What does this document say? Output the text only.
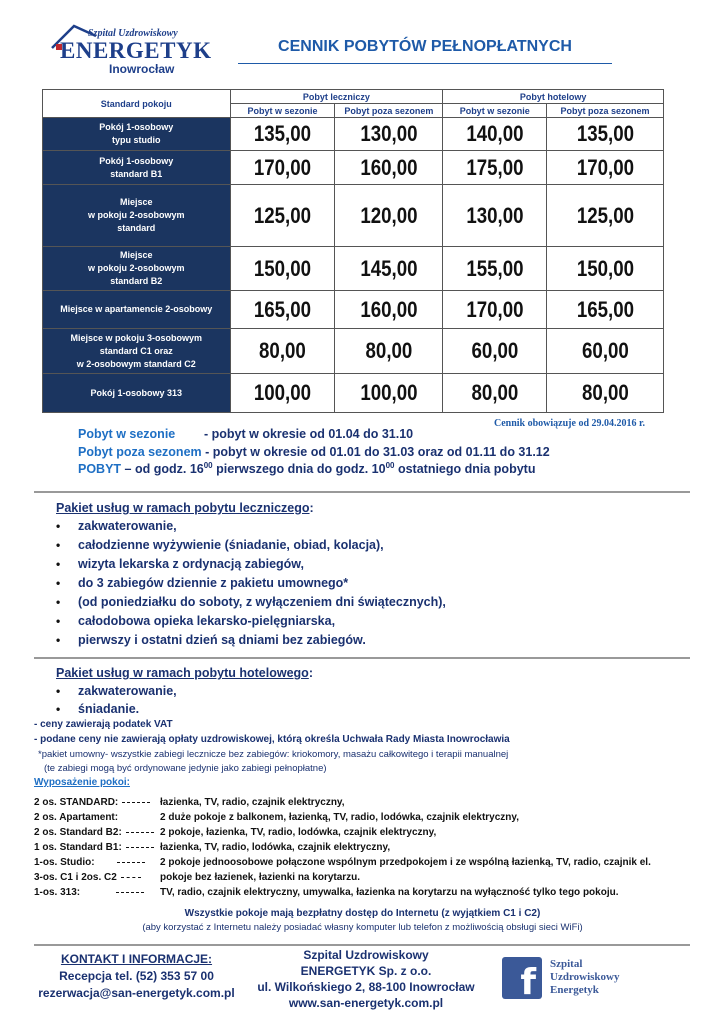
Szpital Uzdrowiskowy
ENERGETYK
Inowrocław
CENNIK POBYTÓW PEŁNOPŁATNYCH
Standard pokoju	Pobyt leczniczy		Pobyt hotelowy	
	Pobyt w sezonie	Pobyt poza sezonem	Pobyt w sezonie	Pobyt poza sezonem
Pokój 1-osobowy
typu studio	135,00	130,00	140,00	135,00
Pokój 1-osobowy
standard B1	170,00	160,00	175,00	170,00
Miejsce
w pokoju 2-osobowym
standard	125,00	120,00	130,00	125,00
Miejsce
w pokoju 2-osobowym
standard B2	150,00	145,00	155,00	150,00
Miejsce w apartamencie 2-osobowy	165,00	160,00	170,00	165,00
Miejsce w pokoju 3-osobowym
standard C1 oraz
w 2-osobowym standard C2	80,00	80,00	60,00	60,00
Pokój 1-osobowy 313	100,00	100,00	80,00	80,00
Cennik obowiązuje od 29.04.2016 r.
Pobyt w sezonie - pobyt w okresie od 01.04 do 31.10
Pobyt poza sezonem - pobyt w okresie od 01.01 do 31.03 oraz od 01.11 do 31.12
POBYT – od godz. $16^{00}$ pierwszego dnia do godz. $10^{00}$ ostatniego dnia pobytu
Pakiet usług w ramach pobytu leczniczego:
• zakwaterowanie,
• całodzienne wyżywienie (śniadanie, obiad, kolacja),
• wizyta lekarska z ordynacją zabiegów,
• do 3 zabiegów dziennie z pakietu umownego*
• (od poniedziałku do soboty, z wyłączeniem dni świątecznych),
• całodobowa opieka lekarsko-pielęgniarska,
• pierwszy i ostatni dzień są dniami bez zabiegów.
Pakiet usług w ramach pobytu hotelowego:
• zakwaterowanie,
• śniadanie.
- ceny zawierają podatek VAT
- podane ceny nie zawierają opłaty uzdrowiskowej, którą określa Uchwała Rady Miasta Inowrocławia
*pakiet umowny- wszystkie zabiegi lecznicze bez zabiegów: kriokomory, masażu całkowitego i terapii manualnej
(te zabiegi mogą być ordynowane jedynie jako zabiegi pełnopłatne)
Wyposażenie pokoi:
2 os. STANDARD:	łazienka, TV, radio, czajnik elektryczny,
2 os. Apartament:	2 duże pokoje z balkonem, łazienką, TV, radio, lodówka, czajnik elektryczny,
2 os. Standard B2:	2 pokoje, łazienka, TV, radio, lodówka, czajnik elektryczny,
1 os. Standard B1:	łazienka, TV, radio, lodówka, czajnik elektryczny,
1-os. Studio:	2 pokoje jednoosobowe połączone wspólnym przedpokojem i ze wspólną łazienką, TV, radio, czajnik el.
3-os. C1 i 2os. C2	pokoje bez łazienek, łazienki na korytarzu.
1-os. 313:	TV, radio, czajnik elektryczny, umywalka, łazienka na korytarzu na wyłączność tylko tego pokoju.
Wszystkie pokoje mają bezpłatny dostęp do Internetu (z wyjątkiem C1 i C2)
(aby korzystać z Internetu należy posiadać własny komputer lub telefon z możliwością obsługi sieci WiFi)
KONTAKT I INFORMACJE:
Recepcja tel. (52) 353 57 00
rezerwacja@san-energetyk.com.pl
Szpital Uzdrowiskowy
ENERGETYK Sp. z o.o.
ul. Wilkońskiego 2, 88-100 Inowrocław
www.san-energetyk.com.pl	f Szpital
Uzdrowiskowy
Energetyk
